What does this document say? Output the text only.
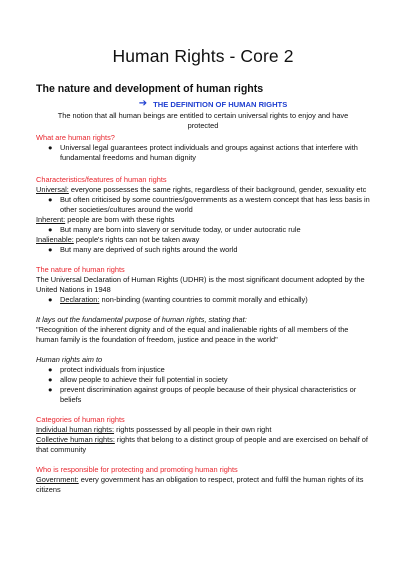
Human Rights - Core 2
The nature and development of human rights
➔ THE DEFINITION OF HUMAN RIGHTS
The notion that all human beings are entitled to certain universal rights to enjoy and have protected
What are human rights?
● Universal legal guarantees protect individuals and groups against actions that interfere with fundamental freedoms and human dignity
Characteristics/features of human rights
Universal: everyone possesses the same rights, regardless of their background, gender, sexuality etc
● But often criticised by some countries/governments as a western concept that has less basis in other societies/cultures around the world
Inherent: people are born with these rights
● But many are born into slavery or servitude today, or under autocratic rule
Inalienable: people's rights can not be taken away
● But many are deprived of such rights around the world
The nature of human rights
The Universal Declaration of Human Rights (UDHR) is the most significant document adopted by the United Nations in 1948
● Declaration: non-binding (wanting countries to commit morally and ethically)
It lays out the fundamental purpose of human rights, stating that:
"Recognition of the inherent dignity and of the equal and inalienable rights of all members of the human family is the foundation of freedom, justice and peace in the world"
Human rights aim to
● protect individuals from injustice
● allow people to achieve their full potential in society
● prevent discrimination against groups of people because of their physical characteristics or beliefs
Categories of human rights
Individual human rights: rights possessed by all people in their own right
Collective human rights: rights that belong to a distinct group of people and are exercised on behalf of that community
Who is responsible for protecting and promoting human rights
Government: every government has an obligation to respect, protect and fulfil the human rights of its citizens
